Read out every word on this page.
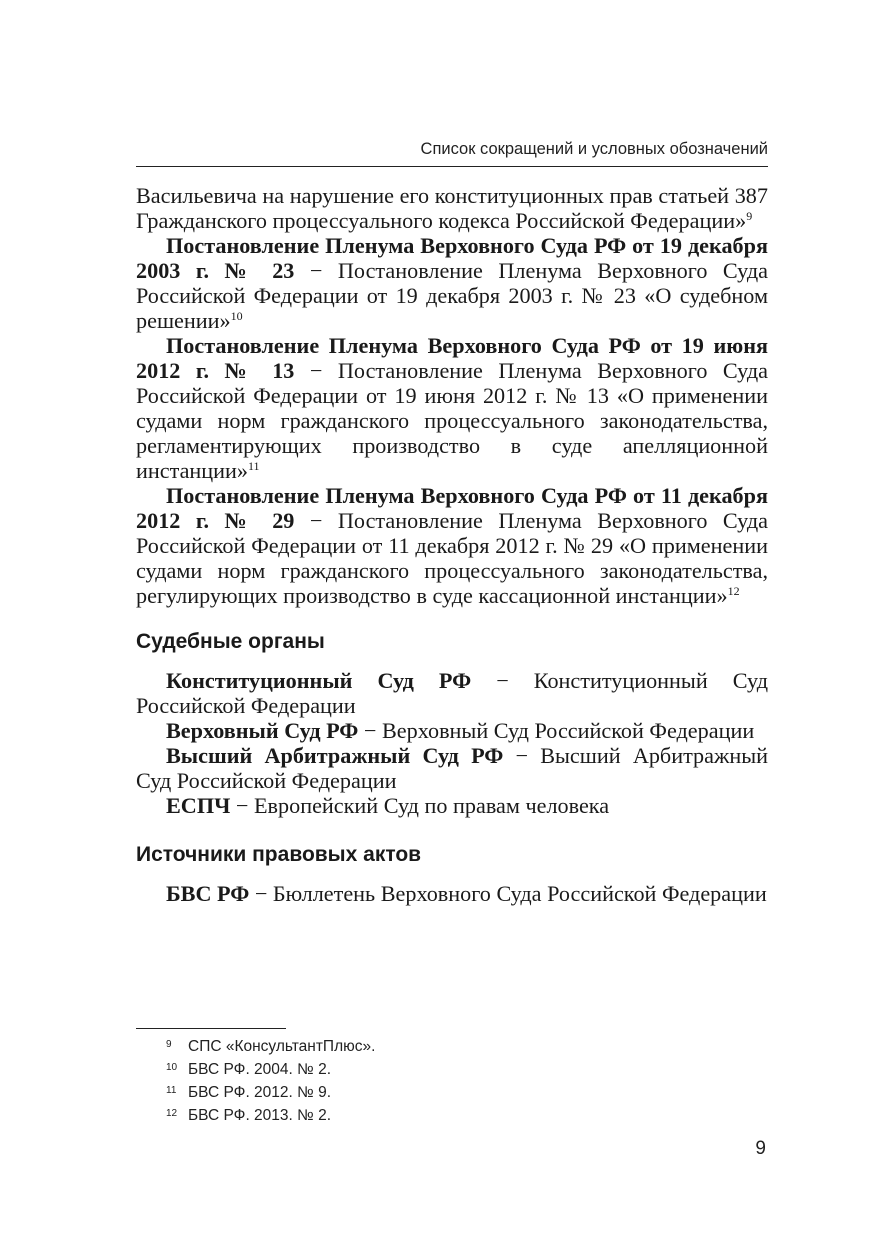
Список сокращений и условных обозначений

Васильевича на нарушение его конституционных прав статьей 387 Гражданского процессуального кодекса Российской Федерации»$^9$

Постановление Пленума Верховного Суда РФ от 19 декабря 2003 г. № 23 − Постановление Пленума Верховного Суда Российской Федерации от 19 декабря 2003 г. № 23 «О судебном решении»$^{10}$

Постановление Пленума Верховного Суда РФ от 19 июня 2012 г. № 13 − Постановление Пленума Верховного Суда Российской Федерации от 19 июня 2012 г. № 13 «О применении судами норм гражданского процессуального законодательства, регламентирующих производство в суде апелляционной инстанции»$^{11}$

Постановление Пленума Верховного Суда РФ от 11 декабря 2012 г. № 29 − Постановление Пленума Верховного Суда Российской Федерации от 11 декабря 2012 г. № 29 «О применении судами норм гражданского процессуального законодательства, регулирующих производство в суде кассационной инстанции»$^{12}$

Судебные органы

Конституционный Суд РФ − Конституционный Суд Российской Федерации

Верховный Суд РФ − Верховный Суд Российской Федерации

Высший Арбитражный Суд РФ − Высший Арбитражный Суд Российской Федерации

ЕСПЧ − Европейский Суд по правам человека

Источники правовых актов

БВС РФ − Бюллетень Верховного Суда Российской Федерации

9	СПС «КонсультантПлюс».
10 БВС РФ. 2004. № 2.
11 БВС РФ. 2012. № 9.
12 БВС РФ. 2013. № 2.
9
